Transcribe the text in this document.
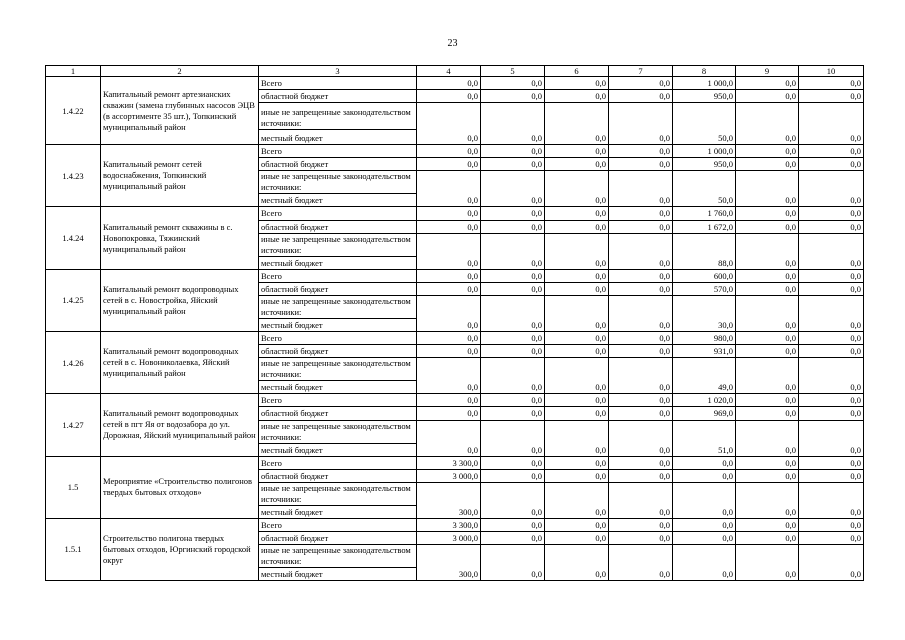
23
1	2	3	4	5	6	7	8	9	10
1.4.22	Капитальный ремонт артезианских скважин (замена глубинных насосов ЭЦВ (в ассортименте 35 шт.), Топкинский муниципальный район	Всего	0,0	0,0	0,0	0,0	1 000,0	0,0	0,0
		областной бюджет	0,0	0,0	0,0	0,0	950,0	0,0	0,0
		иные не запрещенные законодательством источники:							
		местный бюджет	0,0	0,0	0,0	0,0	50,0	0,0	0,0
1.4.23	Капитальный ремонт сетей водоснабжения, Топкинский муниципальный район	Всего	0,0	0,0	0,0	0,0	1 000,0	0,0	0,0
		областной бюджет	0,0	0,0	0,0	0,0	950,0	0,0	0,0
		иные не запрещенные законодательством источники:							
		местный бюджет	0,0	0,0	0,0	0,0	50,0	0,0	0,0
1.4.24	Капитальный ремонт скважины в с. Новопокровка, Тяжинский муниципальный район	Всего	0,0	0,0	0,0	0,0	1 760,0	0,0	0,0
		областной бюджет	0,0	0,0	0,0	0,0	1 672,0	0,0	0,0
		иные не запрещенные законодательством источники:							
		местный бюджет	0,0	0,0	0,0	0,0	88,0	0,0	0,0
1.4.25	Капитальный ремонт водопроводных сетей в с. Новостройка, Яйский муниципальный район	Всего	0,0	0,0	0,0	0,0	600,0	0,0	0,0
		областной бюджет	0,0	0,0	0,0	0,0	570,0	0,0	0,0
		иные не запрещенные законодательством источники:							
		местный бюджет	0,0	0,0	0,0	0,0	30,0	0,0	0,0
1.4.26	Капитальный ремонт водопроводных сетей в с. Новониколаевка, Яйский муниципальный район	Всего	0,0	0,0	0,0	0,0	980,0	0,0	0,0
		областной бюджет	0,0	0,0	0,0	0,0	931,0	0,0	0,0
		иные не запрещенные законодательством источники:							
		местный бюджет	0,0	0,0	0,0	0,0	49,0	0,0	0,0
1.4.27	Капитальный ремонт водопроводных сетей в пгт Яя от водозабора до ул. Дорожная, Яйский муниципальный район	Всего	0,0	0,0	0,0	0,0	1 020,0	0,0	0,0
		областной бюджет	0,0	0,0	0,0	0,0	969,0	0,0	0,0
		иные не запрещенные законодательством источники:							
		местный бюджет	0,0	0,0	0,0	0,0	51,0	0,0	0,0
1.5	Мероприятие «Строительство полигонов твердых бытовых отходов»	Всего	3 300,0	0,0	0,0	0,0	0,0	0,0	0,0
		областной бюджет	3 000,0	0,0	0,0	0,0	0,0	0,0	0,0
		иные не запрещенные законодательством источники:							
		местный бюджет	300,0	0,0	0,0	0,0	0,0	0,0	0,0
1.5.1	Строительство полигона твердых бытовых отходов, Юргинский городской округ	Всего	3 300,0	0,0	0,0	0,0	0,0	0,0	0,0
		областной бюджет	3 000,0	0,0	0,0	0,0	0,0	0,0	0,0
		иные не запрещенные законодательством источники:							
		местный бюджет	300,0	0,0	0,0	0,0	0,0	0,0	0,0
